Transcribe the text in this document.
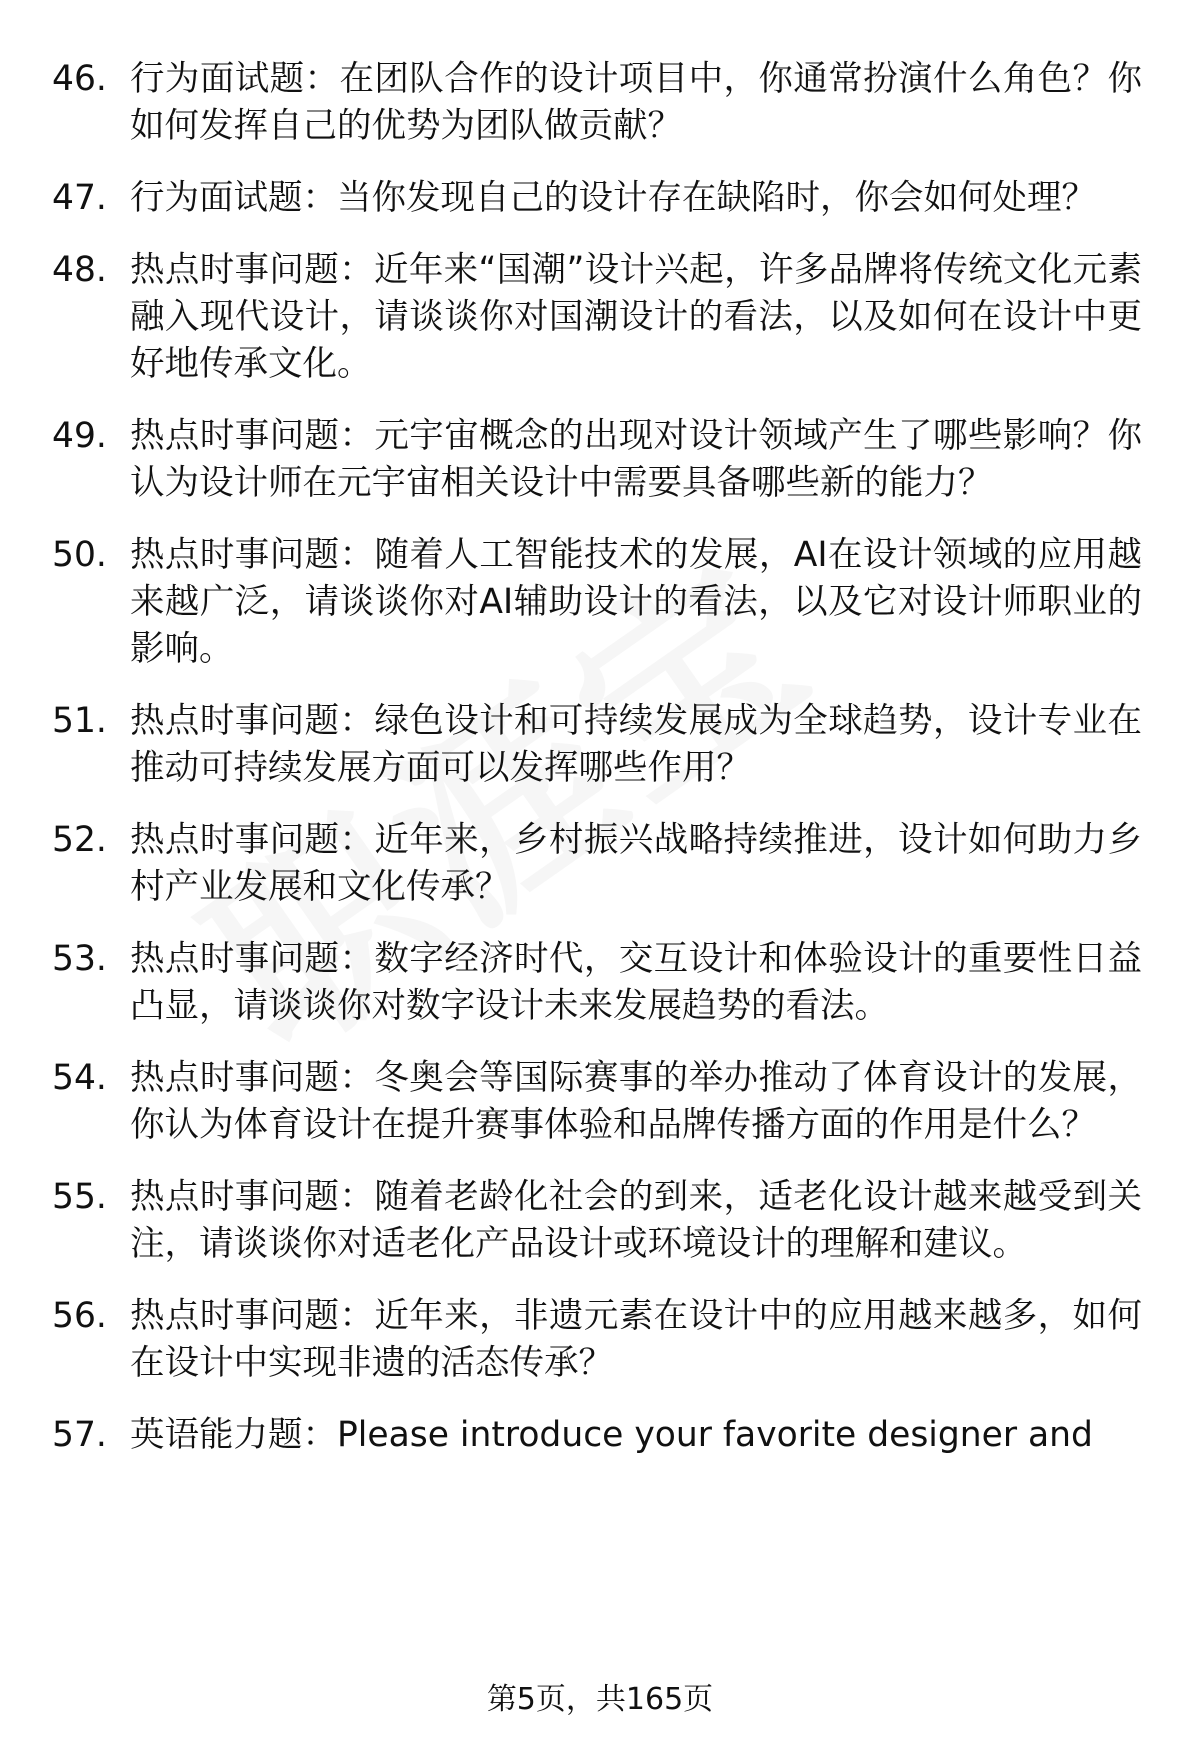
46. 行为面试题：在团队合作的设计项目中，你通常扮演什么角色？你如何发挥自己的优势为团队做贡献？
47. 行为面试题：当你发现自己的设计存在缺陷时，你会如何处理？
48. 热点时事问题：近年来“国潮”设计兴起，许多品牌将传统文化元素融入现代设计，请谈谈你对国潮设计的看法，以及如何在设计中更好地传承文化。
49. 热点时事问题：元宇宙概念的出现对设计领域产生了哪些影响？你认为设计师在元宇宙相关设计中需要具备哪些新的能力？
50. 热点时事问题：随着人工智能技术的发展，AI在设计领域的应用越来越广泛，请谈谈你对AI辅助设计的看法，以及它对设计师职业的影响。
51. 热点时事问题：绿色设计和可持续发展成为全球趋势，设计专业在推动可持续发展方面可以发挥哪些作用？
52. 热点时事问题：近年来，乡村振兴战略持续推进，设计如何助力乡村产业发展和文化传承？
53. 热点时事问题：数字经济时代，交互设计和体验设计的重要性日益凸显，请谈谈你对数字设计未来发展趋势的看法。
54. 热点时事问题：冬奥会等国际赛事的举办推动了体育设计的发展，你认为体育设计在提升赛事体验和品牌传播方面的作用是什么？
55. 热点时事问题：随着老龄化社会的到来，适老化设计越来越受到关注，请谈谈你对适老化产品设计或环境设计的理解和建议。
56. 热点时事问题：近年来，非遗元素在设计中的应用越来越多，如何在设计中实现非遗的活态传承？
57. 英语能力题：Please introduce your favorite designer and
第5页，共165页
